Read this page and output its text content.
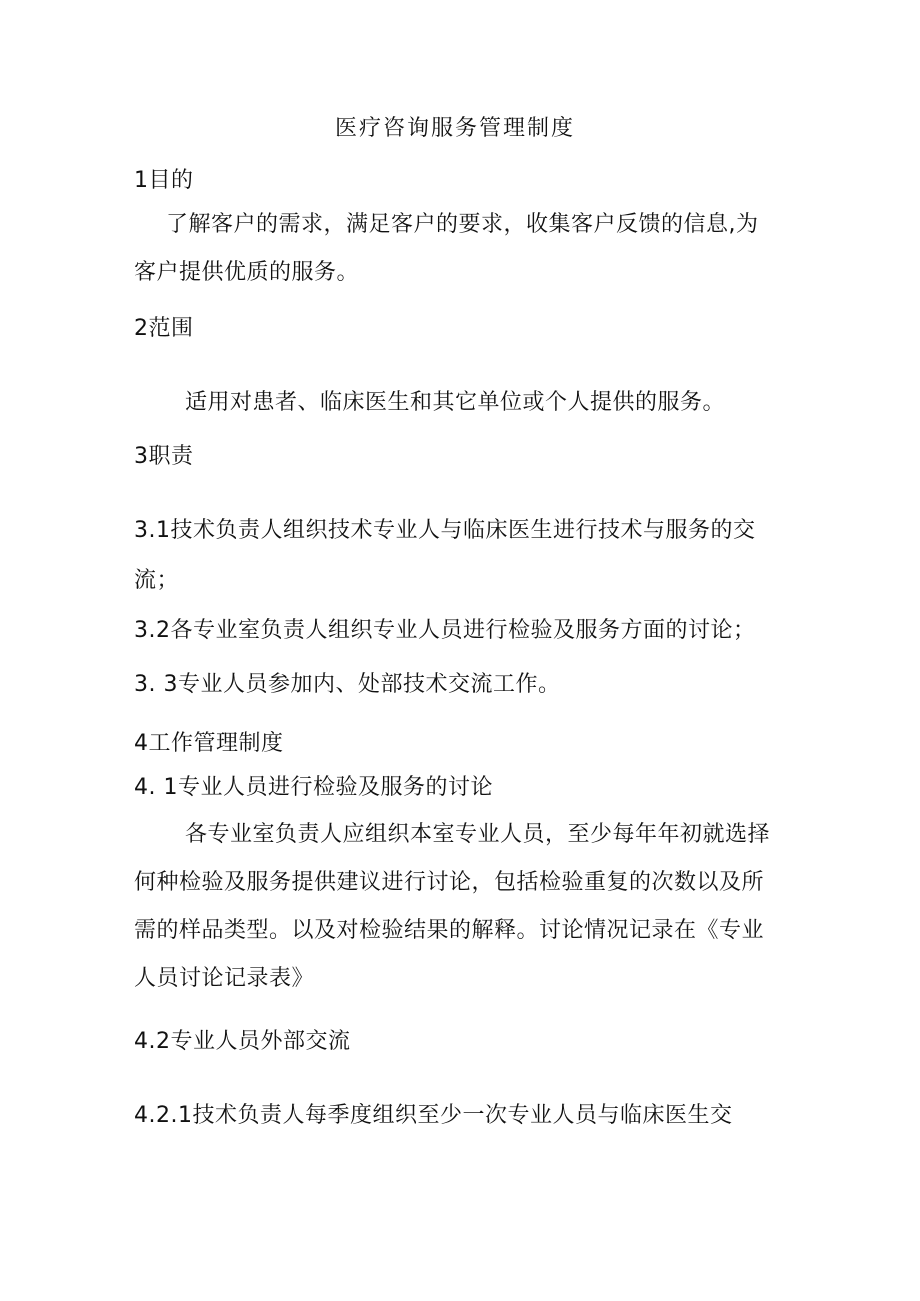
医疗咨询服务管理制度
1目的
了解客户的需求，满足客户的要求，收集客户反馈的信息,为
客户提供优质的服务。
2范围
适用对患者、临床医生和其它单位或个人提供的服务。
3职责
3.1技术负责人组织技术专业人与临床医生进行技术与服务的交
流；
3.2各专业室负责人组织专业人员进行检验及服务方面的讨论；
3. 3专业人员参加内、处部技术交流工作。
4工作管理制度
4. 1专业人员进行检验及服务的讨论
各专业室负责人应组织本室专业人员，至少每年年初就选择
何种检验及服务提供建议进行讨论，包括检验重复的次数以及所
需的样品类型。以及对检验结果的解释。讨论情况记录在《专业
人员讨论记录表》
4.2专业人员外部交流
4.2.1技术负责人每季度组织至少一次专业人员与临床医生交
